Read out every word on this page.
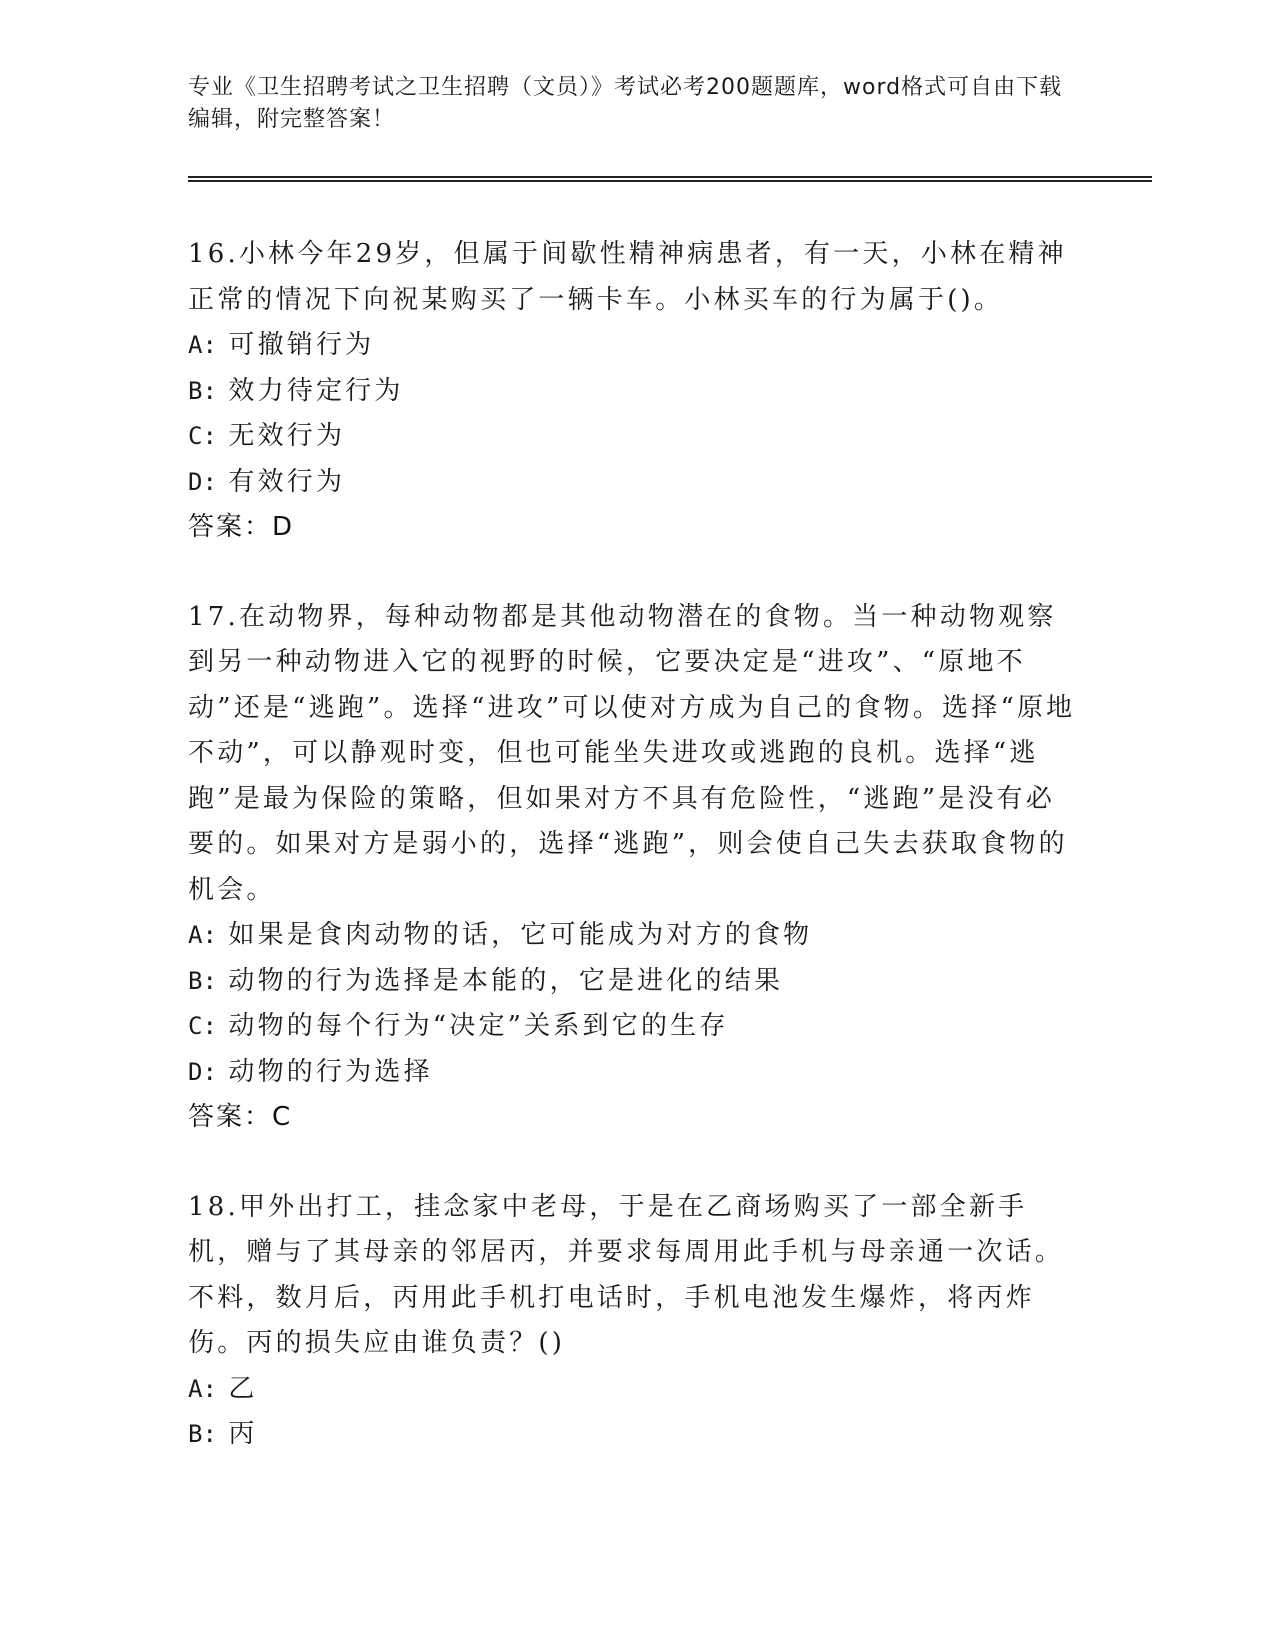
专业《卫生招聘考试之卫生招聘（文员）》考试必考200题题库，word格式可自由下载编辑，附完整答案！

16.小林今年29岁，但属于间歇性精神病患者，有一天，小林在精神正常的情况下向祝某购买了一辆卡车。小林买车的行为属于()。

A: 可撤销行为

B: 效力待定行为

C: 无效行为

D: 有效行为

答案：D

17.在动物界，每种动物都是其他动物潜在的食物。当一种动物观察到另一种动物进入它的视野的时候，它要决定是“进攻”、“原地不动”还是“逃跑”。选择“进攻”可以使对方成为自己的食物。选择“原地不动”，可以静观时变，但也可能坐失进攻或逃跑的良机。选择“逃跑”是最为保险的策略，但如果对方不具有危险性，“逃跑”是没有必要的。如果对方是弱小的，选择“逃跑”，则会使自己失去获取食物的机会。

A: 如果是食肉动物的话，它可能成为对方的食物

B: 动物的行为选择是本能的，它是进化的结果

C: 动物的每个行为“决定”关系到它的生存

D: 动物的行为选择

答案：C

18.甲外出打工，挂念家中老母，于是在乙商场购买了一部全新手机，赠与了其母亲的邻居丙，并要求每周用此手机与母亲通一次话。不料，数月后，丙用此手机打电话时，手机电池发生爆炸，将丙炸伤。丙的损失应由谁负责？()

A: 乙

B: 丙
